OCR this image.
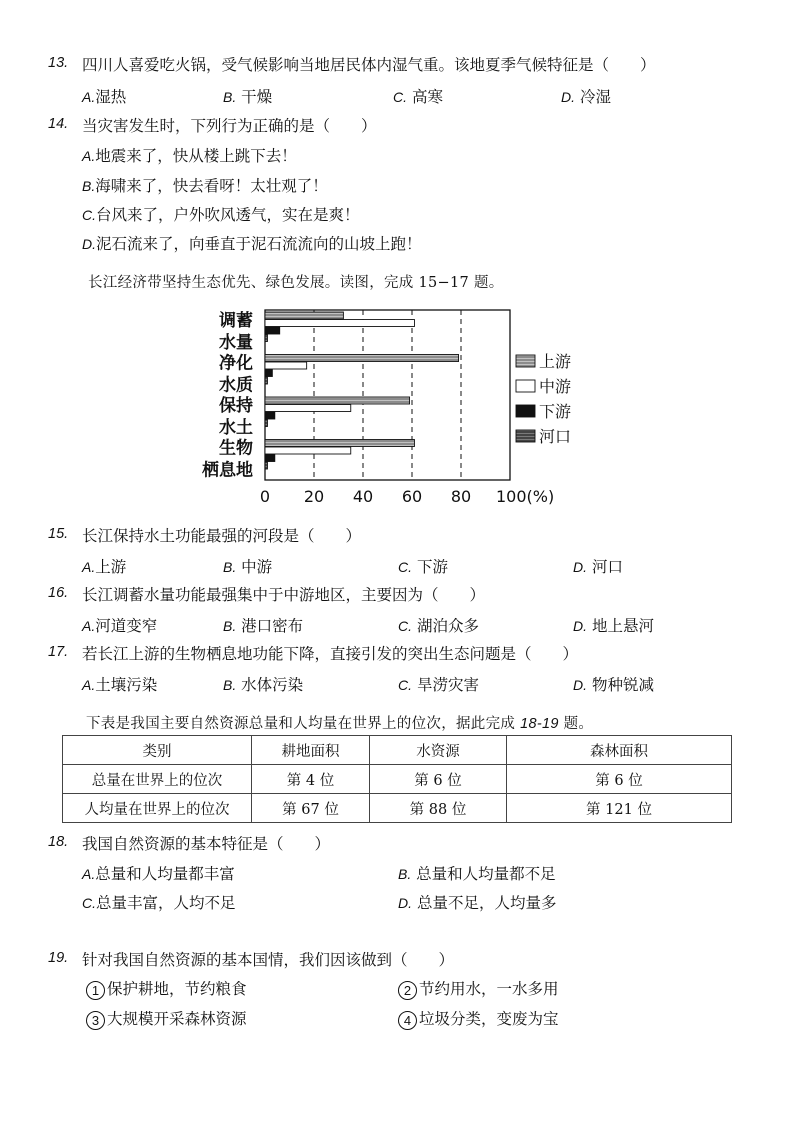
13. 四川人喜爱吃火锅，受气候影响当地居民体内湿气重。该地夏季气候特征是（　　）
A.湿热	B. 干燥	C. 高寒	D. 冷湿
14. 当灾害发生时，下列行为正确的是（　　）
A.地震来了，快从楼上跳下去！
B.海啸来了，快去看呀！太壮观了！
C.台风来了，户外吹风透气，实在是爽！
D.泥石流来了，向垂直于泥石流流向的山坡上跑！
长江经济带坚持生态优先、绿色发展。读图，完成 15−17 题。
调蓄
水量
净化
水质
保持
水土
生物
栖息地
0 20 40 60 80 100(%)
上游
中游
下游
河口
15. 长江保持水土功能最强的河段是（　　）
A.上游	B. 中游	C. 下游	D. 河口
16. 长江调蓄水量功能最强集中于中游地区，主要因为（　　）
A.河道变窄	B. 港口密布	C. 湖泊众多	D. 地上悬河
17. 若长江上游的生物栖息地功能下降，直接引发的突出生态问题是（　　）
A.土壤污染	B. 水体污染	C. 旱涝灾害	D. 物种锐减
下表是我国主要自然资源总量和人均量在世界上的位次，据此完成 18-19 题。
类别	耕地面积	水资源	森林面积
总量在世界上的位次	第 4 位	第 6 位	第 6 位
人均量在世界上的位次	第 67 位	第 88 位	第 121 位
18. 我国自然资源的基本特征是（　　）
A.总量和人均量都丰富	B. 总量和人均量都不足
C.总量丰富，人均不足	D. 总量不足，人均量多
19. 针对我国自然资源的基本国情，我们因该做到（　　）
1 保护耕地，节约粮食	2 节约用水，一水多用
3 大规模开采森林资源	4 垃圾分类，变废为宝
